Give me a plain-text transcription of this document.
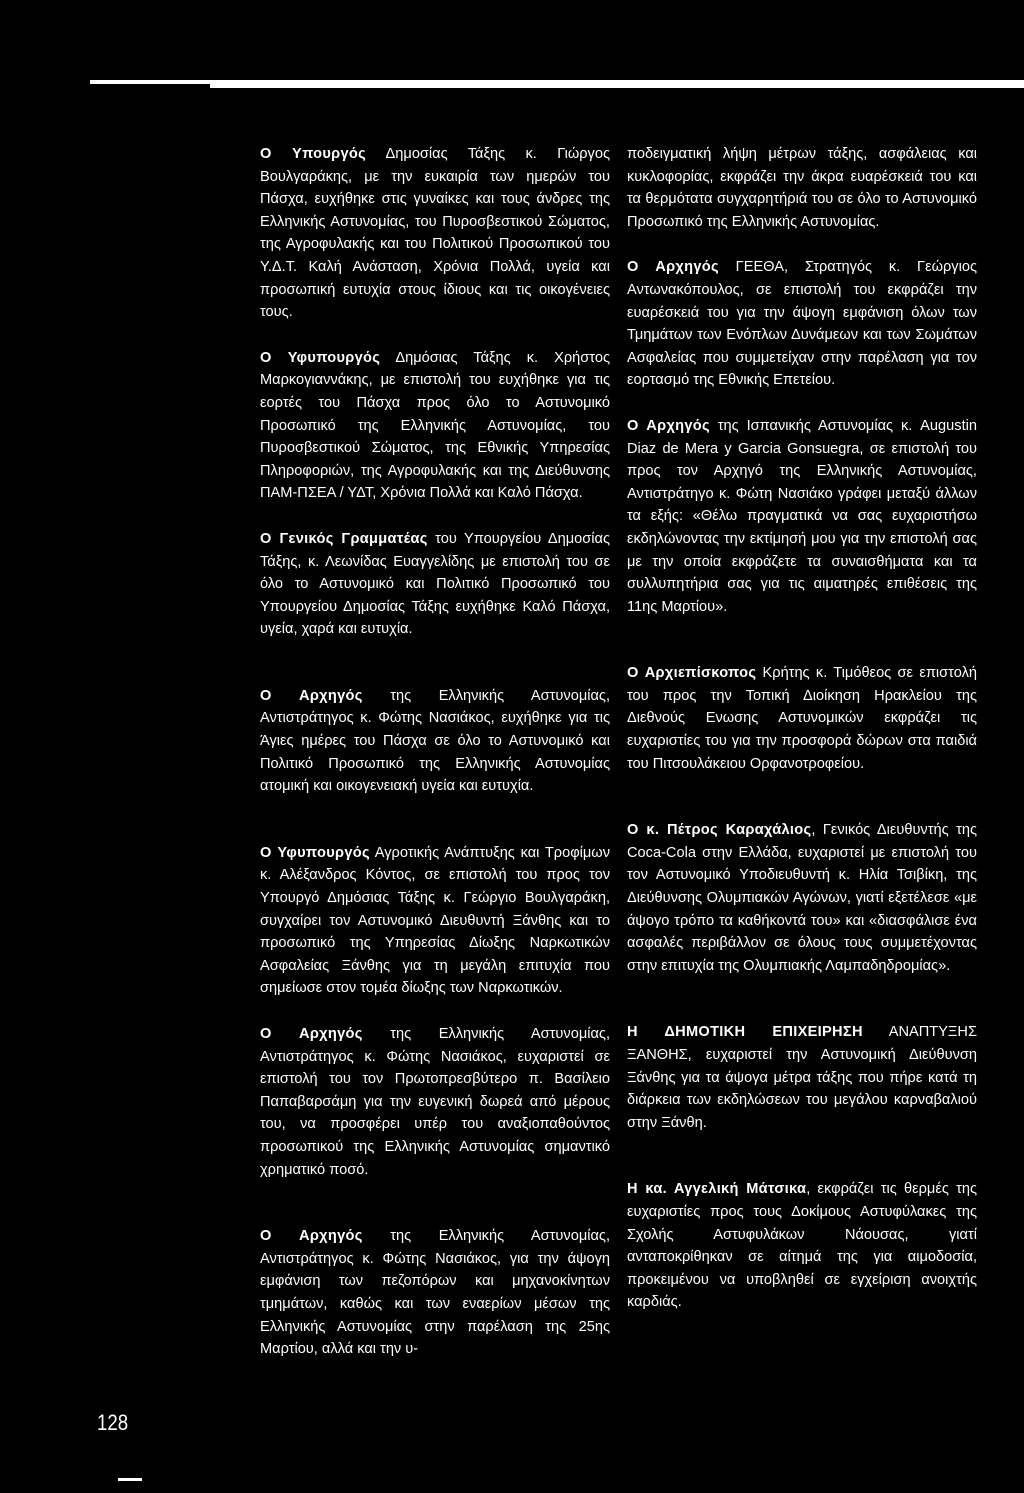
Ο Υπουργός Δημοσίας Τάξης κ. Γιώργος Βουλγαράκης, με την ευκαιρία των ημερών του Πάσχα, ευχήθηκε στις γυναίκες και τους άνδρες της Ελληνικής Αστυνομίας, του Πυροσβεστικού Σώματος, της Αγροφυλακής και του Πολιτικού Προσωπικού του Υ.Δ.Τ. Καλή Ανάσταση, Χρόνια Πολλά, υγεία και προσωπική ευτυχία στους ίδιους και τις οικογένειες τους.

Ο Υφυπουργός Δημόσιας Τάξης κ. Χρήστος Μαρκογιαννάκης, με επιστολή του ευχήθηκε για τις εορτές του Πάσχα προς όλο το Αστυνομικό Προσωπικό της Ελληνικής Αστυνομίας, του Πυροσβεστικού Σώματος, της Εθνικής Υπηρεσίας Πληροφοριών, της Αγροφυλακής και της Διεύθυνσης ΠΑΜ-ΠΣΕΑ / ΥΔΤ, Χρόνια Πολλά και Καλό Πάσχα.

Ο Γενικός Γραμματέας του Υπουργείου Δημοσίας Τάξης, κ. Λεωνίδας Ευαγγελίδης με επιστολή του σε όλο το Αστυνομικό και Πολιτικό Προσωπικό του Υπουργείου Δημοσίας Τάξης ευχήθηκε Καλό Πάσχα, υγεία, χαρά και ευτυχία.

Ο Αρχηγός της Ελληνικής Αστυνομίας, Αντιστράτηγος κ. Φώτης Νασιάκος, ευχήθηκε για τις Άγιες ημέρες του Πάσχα σε όλο το Αστυνομικό και Πολιτικό Προσωπικό της Ελληνικής Αστυνομίας ατομική και οικογενειακή υγεία και ευτυχία.

Ο Υφυπουργός Αγροτικής Ανάπτυξης και Τροφίμων κ. Αλέξανδρος Κόντος, σε επιστολή του προς τον Υπουργό Δημόσιας Τάξης κ. Γεώργιο Βουλγαράκη, συγχαίρει τον Αστυνομικό Διευθυντή Ξάνθης και το προσωπικό της Υπηρεσίας Δίωξης Ναρκωτικών Ασφαλείας Ξάνθης για τη μεγάλη επιτυχία που σημείωσε στον τομέα δίωξης των Ναρκωτικών.

Ο Αρχηγός της Ελληνικής Αστυνομίας, Αντιστράτηγος κ. Φώτης Νασιάκος, ευχαριστεί σε επιστολή του τον Πρωτοπρεσβύτερο π. Βασίλειο Παπαβαρσάμη για την ευγενική δωρεά από μέρους του, να προσφέρει υπέρ του αναξιοπαθούντος προσωπικού της Ελληνικής Αστυνομίας σημαντικό χρηματικό ποσό.

Ο Αρχηγός της Ελληνικής Αστυνομίας, Αντιστράτηγος κ. Φώτης Νασιάκος, για την άψογη εμφάνιση των πεζοπόρων και μηχανοκίνητων τμημάτων, καθώς και των εναερίων μέσων της Ελληνικής Αστυνομίας στην παρέλαση της 25ης Μαρτίου, αλλά και την υ-

ποδειγματική λήψη μέτρων τάξης, ασφάλειας και κυκλοφορίας, εκφράζει την άκρα ευαρέσκειά του και τα θερμότατα συγχαρητήριά του σε όλο το Αστυνομικό Προσωπικό της Ελληνικής Αστυνομίας.

Ο Αρχηγός ΓΕΕΘΑ, Στρατηγός κ. Γεώργιος Αντωνακόπουλος, σε επιστολή του εκφράζει την ευαρέσκειά του για την άψογη εμφάνιση όλων των Τμημάτων των Ενόπλων Δυνάμεων και των Σωμάτων Ασφαλείας που συμμετείχαν στην παρέλαση για τον εορτασμό της Εθνικής Επετείου.

Ο Αρχηγός της Ισπανικής Αστυνομίας κ. Augustin Diaz de Mera y Garcia Gonsuegra, σε επιστολή του προς τον Αρχηγό της Ελληνικής Αστυνομίας, Αντιστράτηγο κ. Φώτη Νασιάκο γράφει μεταξύ άλλων τα εξής: «Θέλω πραγματικά να σας ευχαριστήσω εκδηλώνοντας την εκτίμησή μου για την επιστολή σας με την οποία εκφράζετε τα συναισθήματα και τα συλλυπητήρια σας για τις αιματηρές επιθέσεις της 11ης Μαρτίου».

Ο Αρχιεπίσκοπος Κρήτης κ. Τιμόθεος σε επιστολή του προς την Τοπική Διοίκηση Ηρακλείου της Διεθνούς Ενωσης Αστυνομικών εκφράζει τις ευχαριστίες του για την προσφορά δώρων στα παιδιά του Πιτσουλάκειου Ορφανοτροφείου.

Ο κ. Πέτρος Καραχάλιος, Γενικός Διευθυντής της Coca-Cola στην Ελλάδα, ευχαριστεί με επιστολή του τον Αστυνομικό Υποδιευθυντή κ. Ηλία Τσιβίκη, της Διεύθυνσης Ολυμπιακών Αγώνων, γιατί εξετέλεσε «με άψογο τρόπο τα καθήκοντά του» και «διασφάλισε ένα ασφαλές περιβάλλον σε όλους τους συμμετέχοντας στην επιτυχία της Ολυμπιακής Λαμπαδηδρομίας».

Η ΔΗΜΟΤΙΚΗ ΕΠΙΧΕΙΡΗΣΗ ΑΝΑΠΤΥΞΗΣ ΞΑΝΘΗΣ, ευχαριστεί την Αστυνομική Διεύθυνση Ξάνθης για τα άψογα μέτρα τάξης που πήρε κατά τη διάρκεια των εκδηλώσεων του μεγάλου καρναβαλιού στην Ξάνθη.

Η κα. Αγγελική Μάτσικα, εκφράζει τις θερμές της ευχαριστίες προς τους Δοκίμους Αστυφύλακες της Σχολής Αστυφυλάκων Νάουσας, γιατί ανταποκρίθηκαν σε αίτημά της για αιμοδοσία, προκειμένου να υποβληθεί σε εγχείριση ανοιχτής καρδιάς.

128
